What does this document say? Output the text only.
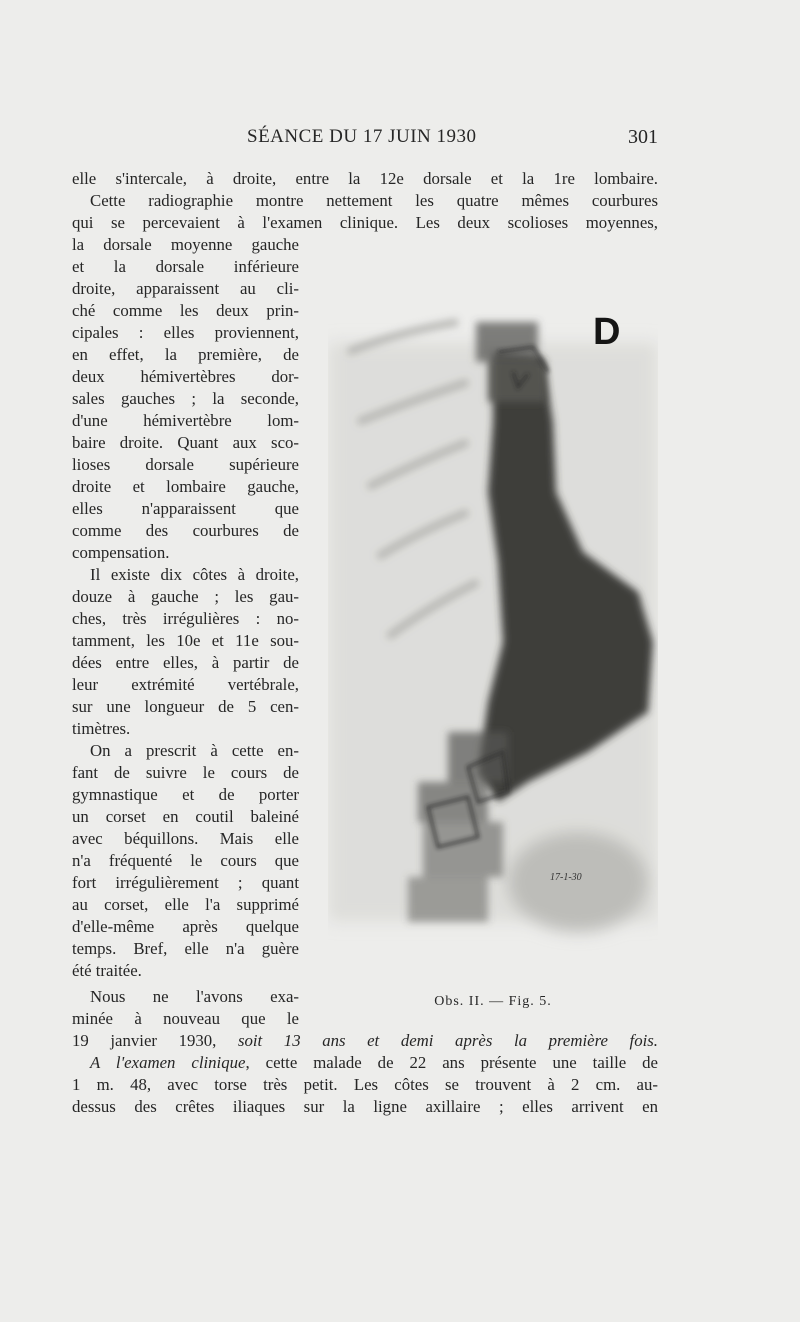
SÉANCE DU 17 JUIN 1930	301
elle s'intercale, à droite, entre la 12e dorsale et la 1re lombaire.
Cette radiographie montre nettement les quatre mêmes courbures
qui se percevaient à l'examen clinique. Les deux scolioses moyennes,
la dorsale moyenne gauche
et la dorsale inférieure
droite, apparaissent au cli-
ché comme les deux prin-
cipales : elles proviennent,
en effet, la première, de
deux hémivertèbres dor-
sales gauches ; la seconde,
d'une hémivertèbre lom-
baire droite. Quant aux sco-
lioses dorsale supérieure
droite et lombaire gauche,
elles n'apparaissent que
comme des courbures de
compensation.
Il existe dix côtes à droite,
douze à gauche ; les gau-
ches, très irrégulières : no-
tamment, les 10e et 11e sou-
dées entre elles, à partir de
leur extrémité vertébrale,
sur une longueur de 5 cen-
timètres.
On a prescrit à cette en-
fant de suivre le cours de
gymnastique et de porter
un corset en coutil baleiné
avec béquillons. Mais elle
n'a fréquenté le cours que
fort irrégulièrement ; quant
au corset, elle l'a supprimé
d'elle-même après quelque
temps. Bref, elle n'a guère
été traitée.
Nous ne l'avons exa-
minée à nouveau que le
19 janvier 1930, soit 13 ans et demi après la première fois.
A l'examen clinique, cette malade de 22 ans présente une taille de
1 m. 48, avec torse très petit. Les côtes se trouvent à 2 cm. au-
dessus des crêtes iliaques sur la ligne axillaire ; elles arrivent en
D
17-1-30
Obs. II. — Fig. 5.
